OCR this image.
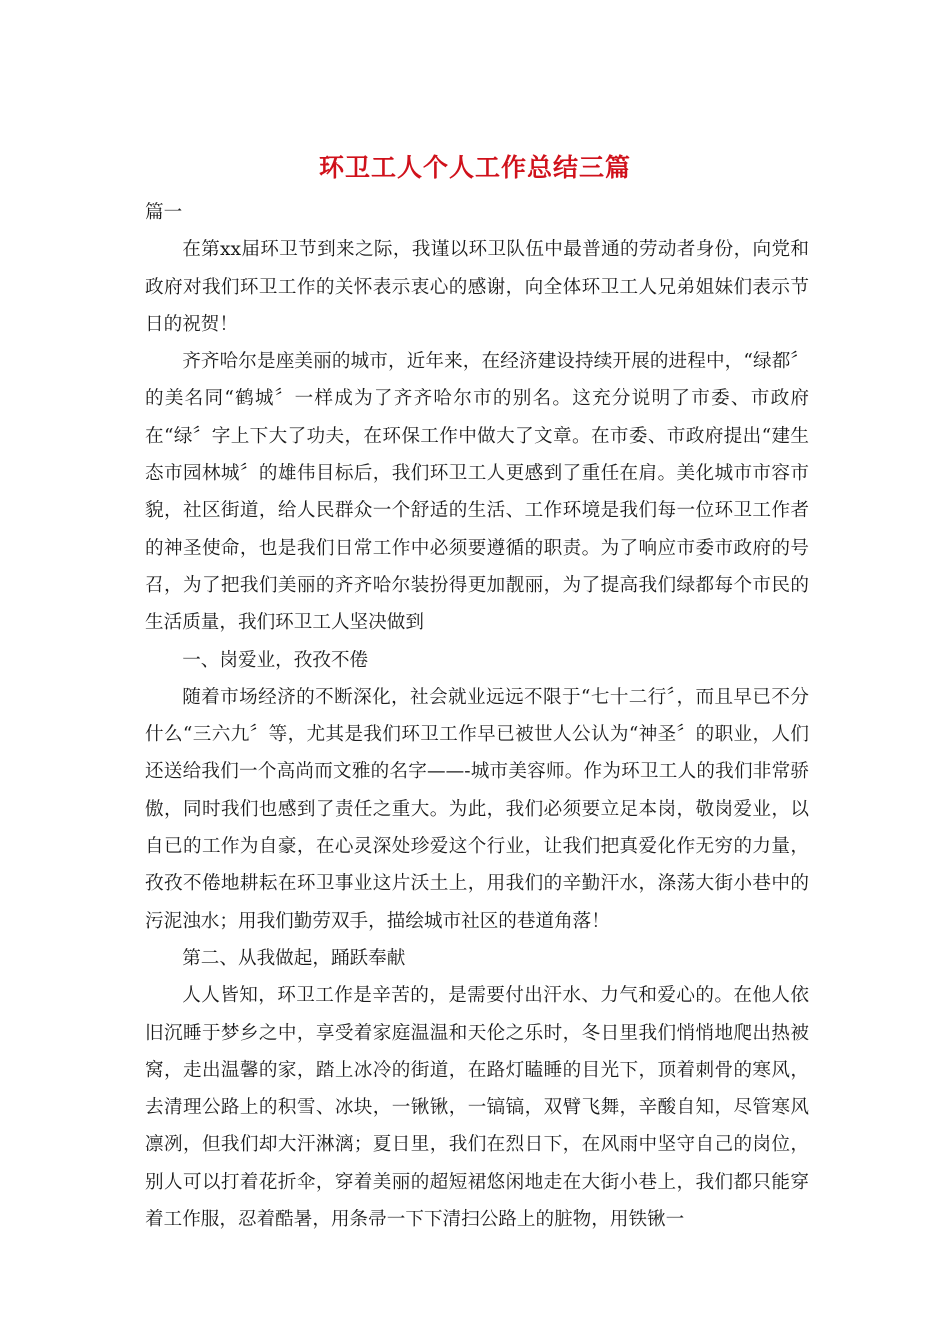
环卫工人个人工作总结三篇

篇一

在第xx届环卫节到来之际，我谨以环卫队伍中最普通的劳动者身份，向党和政府对我们环卫工作的关怀表示衷心的感谢，向全体环卫工人兄弟姐妹们表示节日的祝贺！

齐齐哈尔是座美丽的城市，近年来，在经济建设持续开展的进程中，“绿都〞的美名同“鹤城〞一样成为了齐齐哈尔市的别名。这充分说明了市委、市政府在“绿〞字上下大了功夫，在环保工作中做大了文章。在市委、市政府提出“建生态市园林城〞的雄伟目标后，我们环卫工人更感到了重任在肩。美化城市市容市貌，社区街道，给人民群众一个舒适的生活、工作环境是我们每一位环卫工作者的神圣使命，也是我们日常工作中必须要遵循的职责。为了响应市委市政府的号召，为了把我们美丽的齐齐哈尔装扮得更加靓丽，为了提高我们绿都每个市民的生活质量，我们环卫工人坚决做到

一、岗爱业，孜孜不倦

随着市场经济的不断深化，社会就业远远不限于“七十二行〞，而且早已不分什么“三六九〞等，尤其是我们环卫工作早已被世人公认为“神圣〞的职业，人们还送给我们一个高尚而文雅的名字——-城市美容师。作为环卫工人的我们非常骄傲，同时我们也感到了责任之重大。为此，我们必须要立足本岗，敬岗爱业，以自已的工作为自豪，在心灵深处珍爱这个行业，让我们把真爱化作无穷的力量，孜孜不倦地耕耘在环卫事业这片沃土上，用我们的辛勤汗水，涤荡大街小巷中的污泥浊水；用我们勤劳双手，描绘城市社区的巷道角落！

第二、从我做起，踊跃奉献

人人皆知，环卫工作是辛苦的，是需要付出汗水、力气和爱心的。在他人依旧沉睡于梦乡之中，享受着家庭温温和天伦之乐时，冬日里我们悄悄地爬出热被窝，走出温馨的家，踏上冰冷的街道，在路灯瞌睡的目光下，顶着刺骨的寒风，去清理公路上的积雪、冰块，一锹锹，一镐镐，双臂飞舞，辛酸自知，尽管寒风凛冽，但我们却大汗淋漓；夏日里，我们在烈日下，在风雨中坚守自己的岗位，别人可以打着花折伞，穿着美丽的超短裙悠闲地走在大街小巷上，我们都只能穿着工作服，忍着酷暑，用条帚一下下清扫公路上的脏物，用铁锹一
